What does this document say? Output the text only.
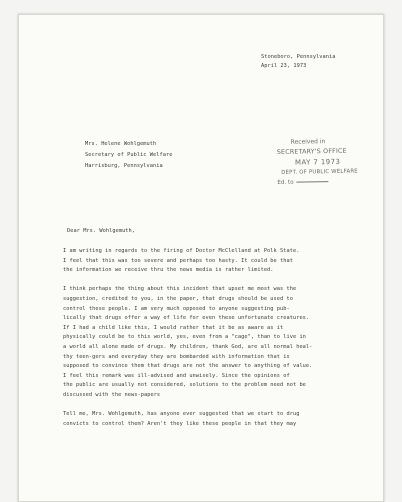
Stoneboro, Pennsylvania
April 23, 1973
Mrs. Helene Wohlgemuth
Secretary of Public Welfare
Harrisburg, Pennsylvania
Received in
SECRETARY'S OFFICE
MAY 7 1973
DEPT. OF PUBLIC WELFARE
Ed. to
Dear Mrs. Wohlgemuth,
I am writing in regards to the firing of Doctor McClelland at Polk State.
I feel that this was too severe and perhaps too hasty. It could be that
the information we receive thru the news media is rather limited.
I think perhaps the thing about this incident that upset me most was the
suggestion, credited to you, in the paper, that drugs should be used to
control these people. I am very much opposed to anyone suggesting pub-
lically that drugs offer a way of life for even these unfortunate creatures.
If I had a child like this, I would rather that it be as aware as it
physically could be to this world, yes, even from a "cage", than to live in
a world all alone made of drugs. My children, thank God, are all normal heal-
thy teen-gers and everyday they are bombarded with information that is
supposed to convince them that drugs are not the answer to anything of value.
I feel this remark was ill-advised and unwisely. Since the opinions of
the public are usually not considered, solutions to the problem need not be
discussed with the news-papers
Tell me, Mrs. Wohlgemuth, has anyone ever suggested that we start to drug
convicts to control them? Aren't they like these people in that they may
